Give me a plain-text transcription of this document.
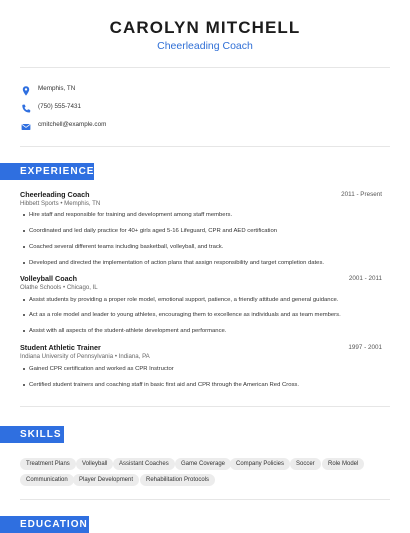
CAROLYN MITCHELL
Cheerleading Coach
Memphis, TN
(750) 555-7431
cmitchell@example.com
EXPERIENCE
Cheerleading Coach	2011 - Present
Hibbett Sports • Memphis, TN
Hire staff and responsible for training and development among staff members.
Coordinated and led daily practice for 40+ girls aged 5-16 Lifeguard, CPR and AED certification
Coached several different teams including basketball, volleyball, and track.
Developed and directed the implementation of action plans that assign responsibility and target completion dates.
Volleyball Coach	2001 - 2011
Olathe Schools • Chicago, IL
Assist students by providing a proper role model, emotional support, patience, a friendly attitude and general guidance.
Act as a role model and leader to young athletes, encouraging them to excellence as individuals and as team members.
Assist with all aspects of the student-athlete development and performance.
Student Athletic Trainer	1997 - 2001
Indiana University of Pennsylvania • Indiana, PA
Gained CPR certification and worked as CPR Instructor
Certified student trainers and coaching staff in basic first aid and CPR through the American Red Cross.
SKILLS
Treatment Plans	Volleyball	Assistant Coaches	Game Coverage	Company Policies	Soccer	Role Model
Communication	Player Development	Rehabilitation Protocols
EDUCATION
